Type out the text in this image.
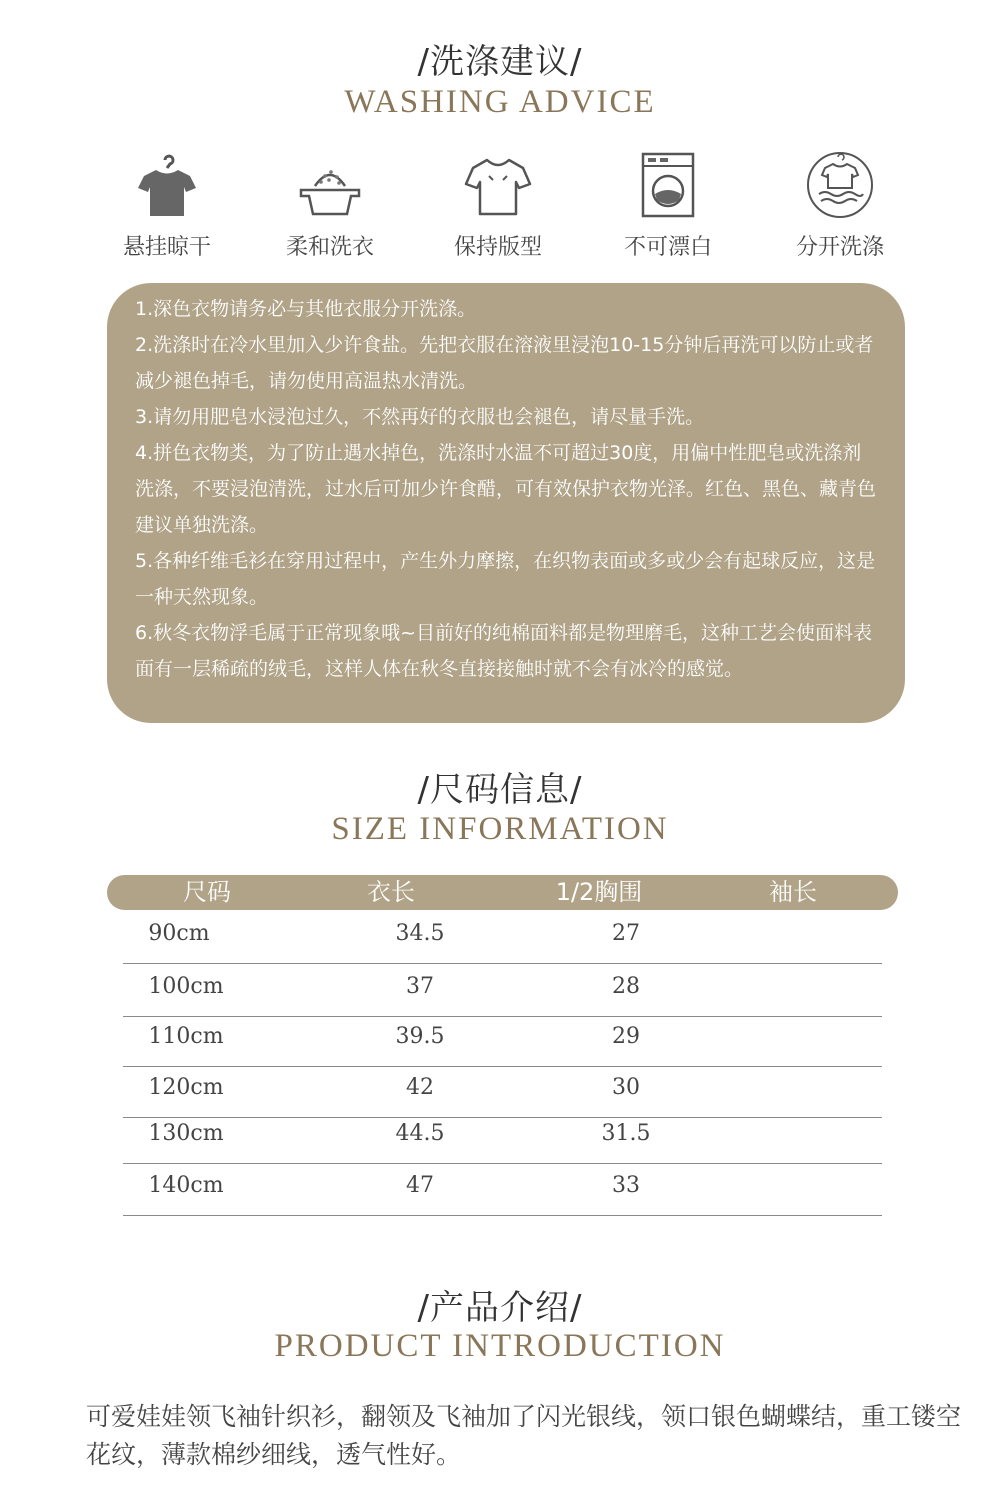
/洗涤建议/
WASHING ADVICE
悬挂晾干	柔和洗衣	保持版型	不可漂白	分开洗涤

1.深色衣物请务必与其他衣服分开洗涤。

2.洗涤时在冷水里加入少许食盐。先把衣服在溶液里浸泡10-15分钟后再洗可以防止或者减少褪色掉毛，请勿使用高温热水清洗。

3.请勿用肥皂水浸泡过久，不然再好的衣服也会褪色，请尽量手洗。

4.拼色衣物类，为了防止遇水掉色，洗涤时水温不可超过30度，用偏中性肥皂或洗涤剂洗涤，不要浸泡清洗，过水后可加少许食醋，可有效保护衣物光泽。红色、黑色、藏青色建议单独洗涤。

5.各种纤维毛衫在穿用过程中，产生外力摩擦，在织物表面或多或少会有起球反应，这是一种天然现象。

6.秋冬衣物浮毛属于正常现象哦~目前好的纯棉面料都是物理磨毛，这种工艺会使面料表面有一层稀疏的绒毛，这样人体在秋冬直接接触时就不会有冰冷的感觉。

/尺码信息/
SIZE INFORMATION
尺码	衣长	1/2胸围	袖长
90cm	34.5	27
100cm	37	28
110cm	39.5	29
120cm	42	30
130cm	44.5	31.5
140cm	47	33
/产品介绍/
PRODUCT INTRODUCTION
可爱娃娃领飞袖针织衫，翻领及飞袖加了闪光银线，领口银色蝴蝶结，重工镂空花纹，薄款棉纱细线，透气性好。
